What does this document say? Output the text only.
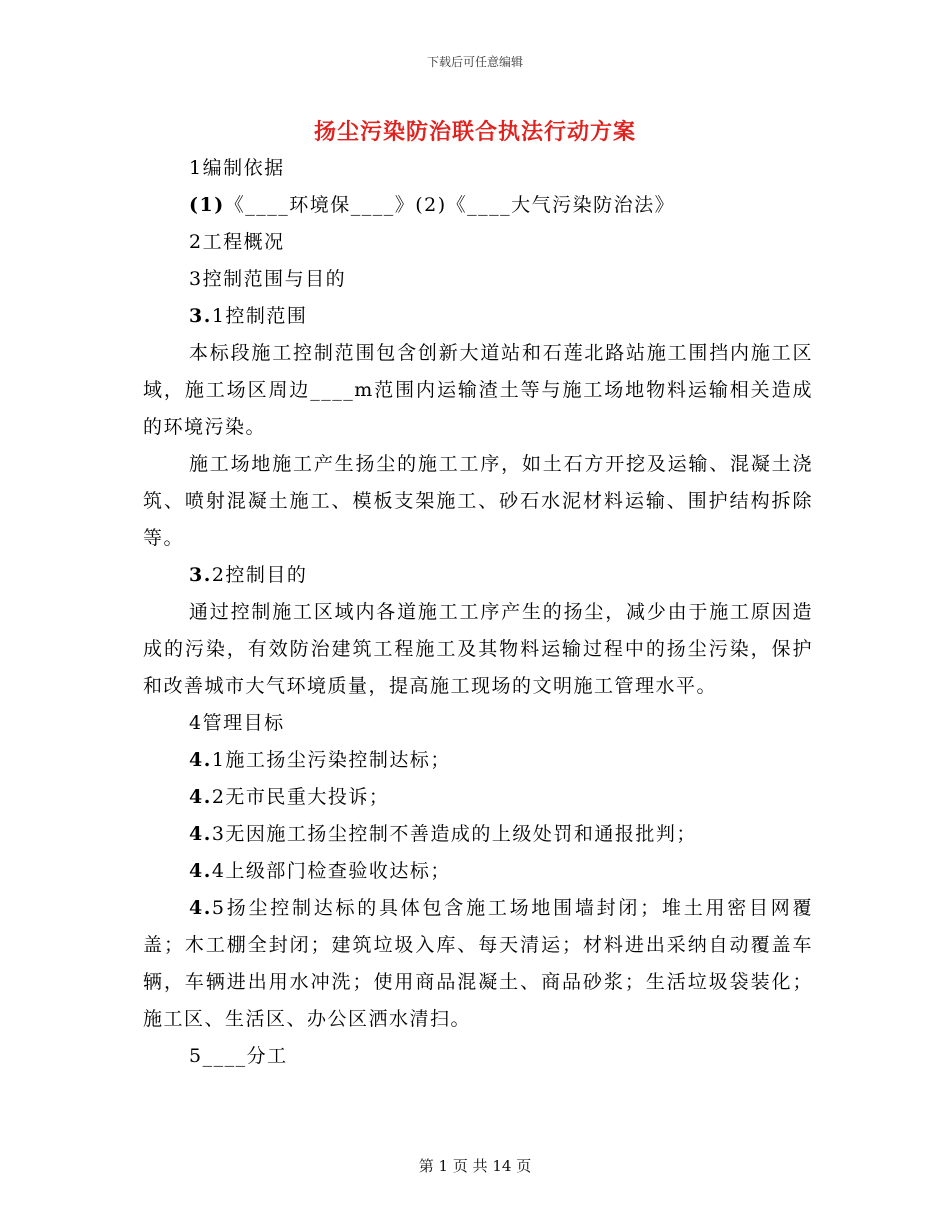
下载后可任意编辑
扬尘污染防治联合执法行动方案
1编制依据
(1)《____环境保____》(2)《____大气污染防治法》
2工程概况
3控制范围与目的
3.1控制范围

本标段施工控制范围包含创新大道站和石莲北路站施工围挡内施工区域，施工场区周边____m范围内运输渣土等与施工场地物料运输相关造成的环境污染。

施工场地施工产生扬尘的施工工序，如土石方开挖及运输、混凝土浇筑、喷射混凝土施工、模板支架施工、砂石水泥材料运输、围护结构拆除等。

3.2控制目的

通过控制施工区域内各道施工工序产生的扬尘，减少由于施工原因造成的污染，有效防治建筑工程施工及其物料运输过程中的扬尘污染，保护和改善城市大气环境质量，提高施工现场的文明施工管理水平。

4管理目标
4.1施工扬尘污染控制达标；
4.2无市民重大投诉；
4.3无因施工扬尘控制不善造成的上级处罚和通报批判；
4.4上级部门检查验收达标；

4.5扬尘控制达标的具体包含施工场地围墙封闭；堆土用密目网覆盖；木工棚全封闭；建筑垃圾入库、每天清运；材料进出采纳自动覆盖车辆，车辆进出用水冲洗；使用商品混凝土、商品砂浆；生活垃圾袋装化；施工区、生活区、办公区洒水清扫。

5____分工
第 1 页 共 14 页
